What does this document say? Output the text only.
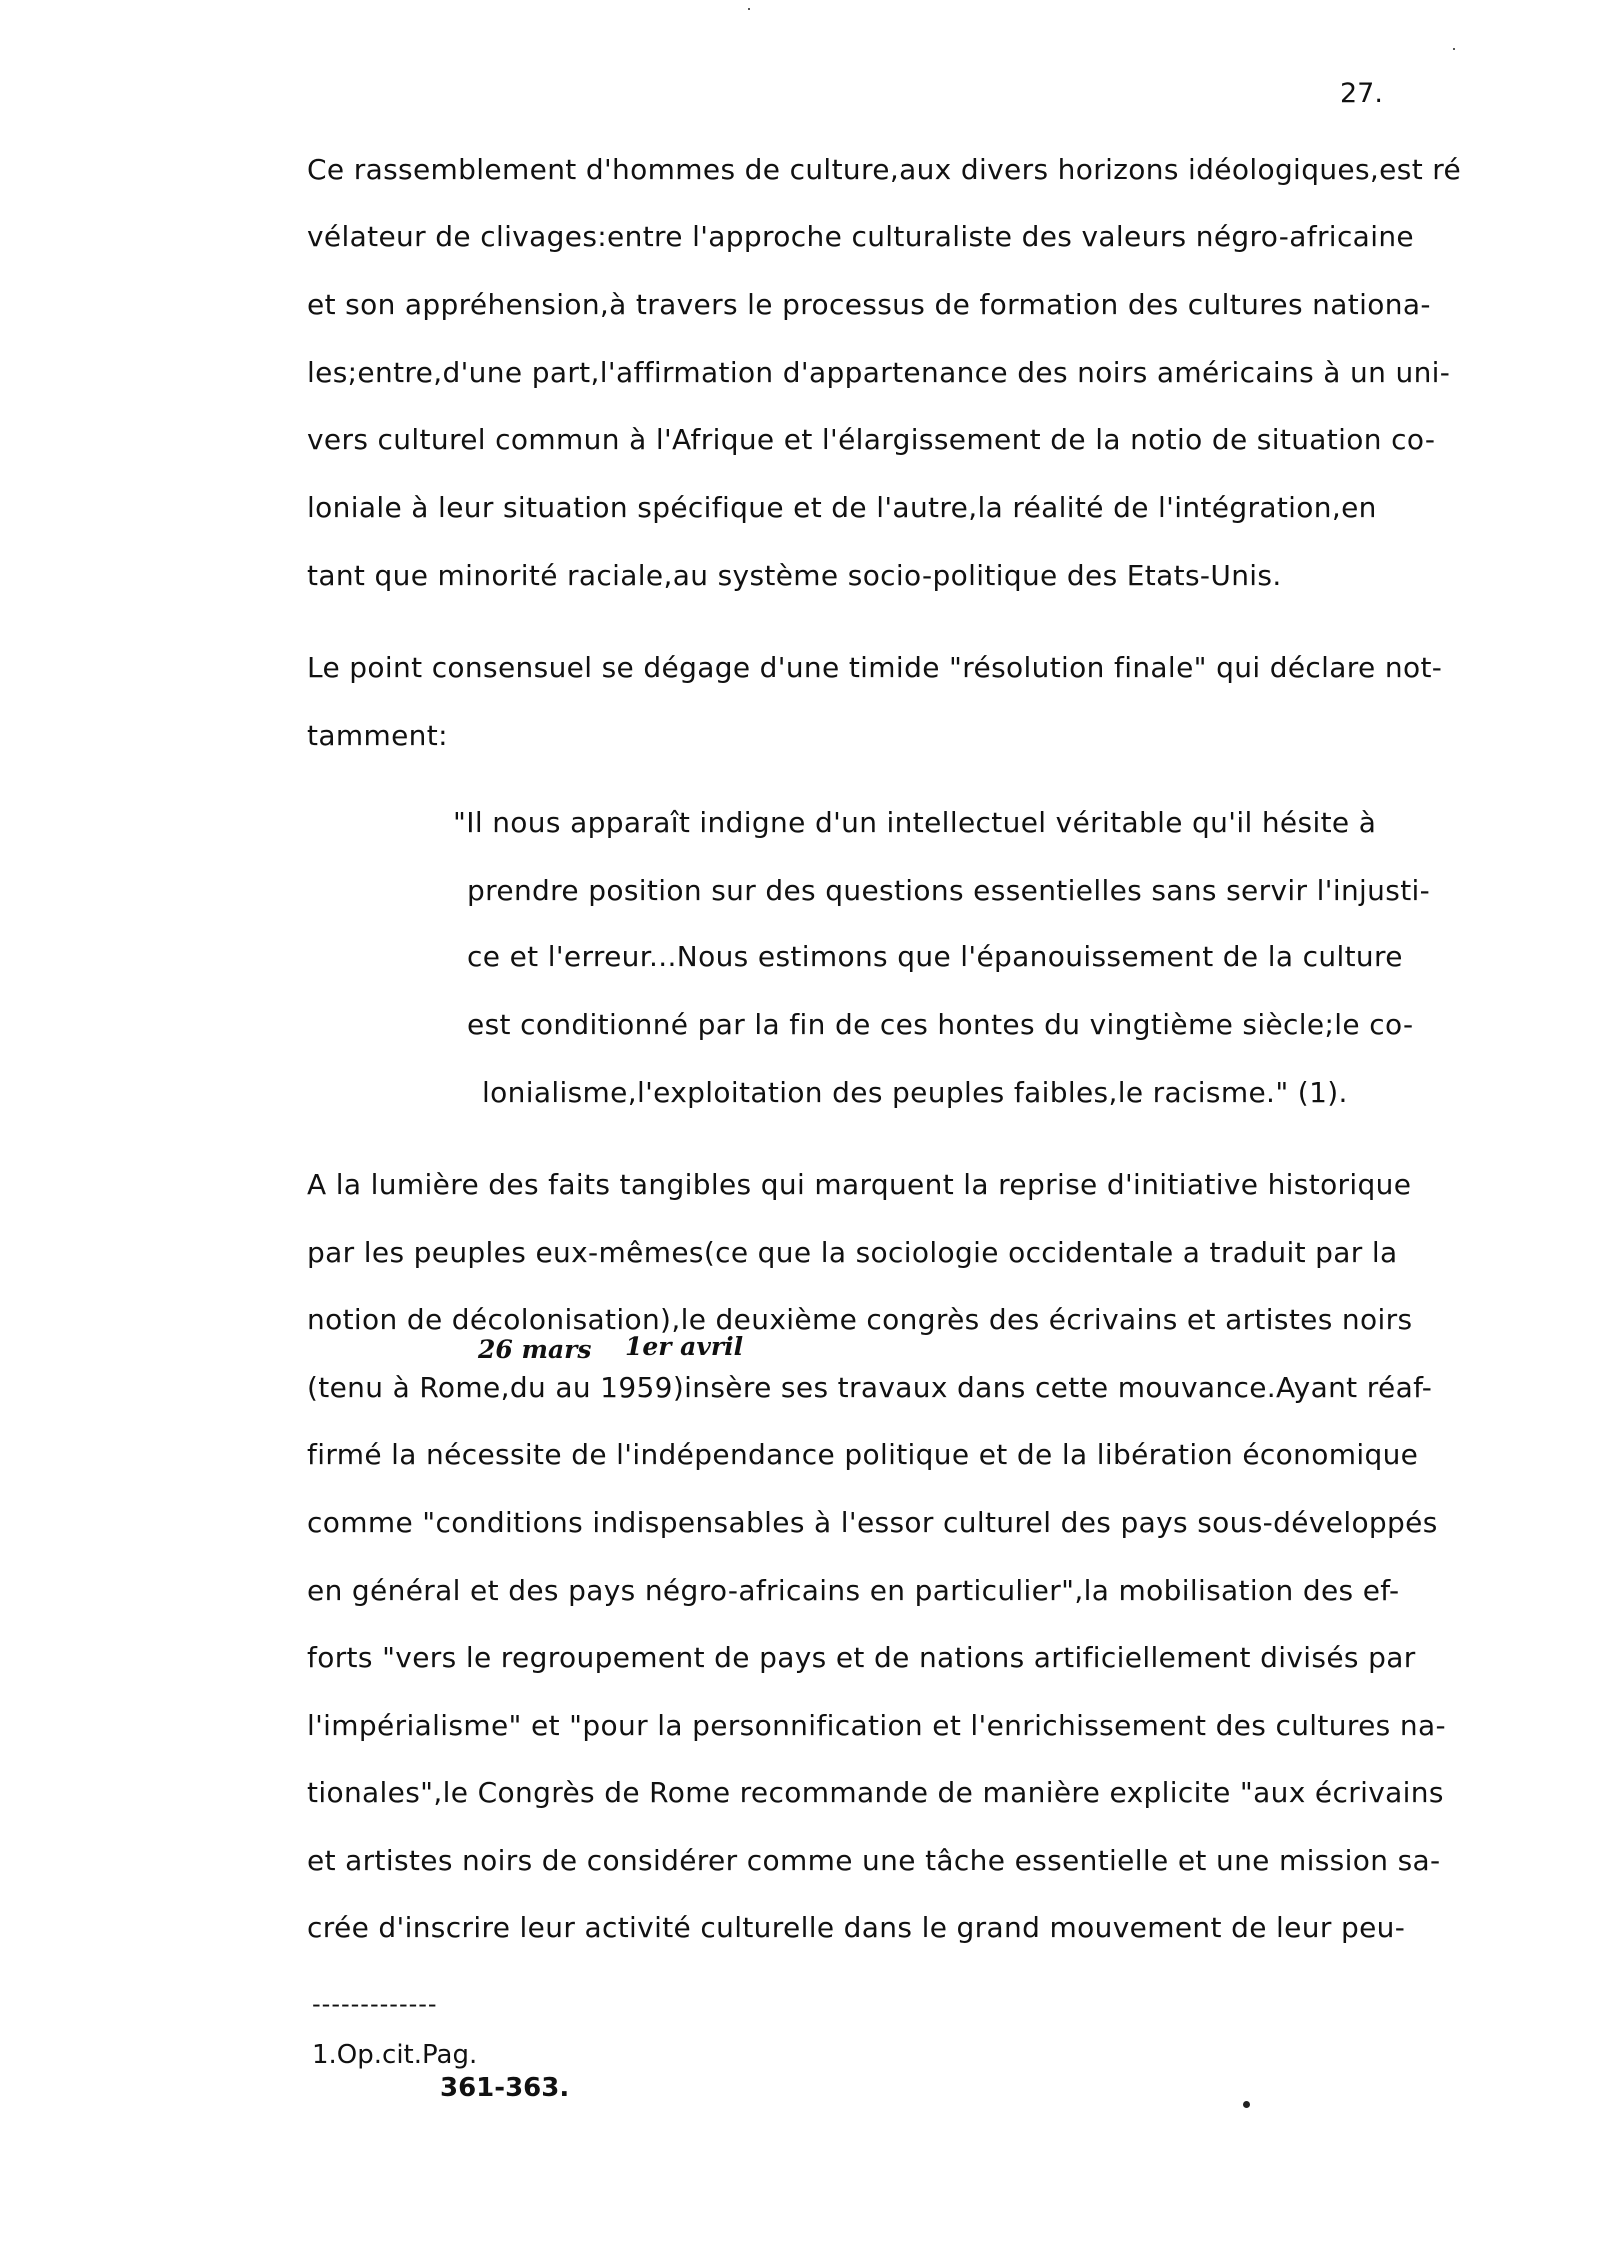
27.
Ce rassemblement d'hommes de culture,aux divers horizons idéologiques,est ré
vélateur de clivages:entre l'approche culturaliste des valeurs négro-africaine
et son appréhension,à travers le processus de formation des cultures nationa-
les;entre,d'une part,l'affirmation d'appartenance des noirs américains à un uni-
vers culturel commun à l'Afrique et l'élargissement de la notio de situation co-
loniale à leur situation spécifique et de l'autre,la réalité de l'intégration,en
tant que minorité raciale,au système socio-politique des Etats-Unis.
Le point consensuel se dégage d'une timide "résolution finale" qui déclare not-
tamment:
"Il nous apparaît indigne d'un intellectuel véritable qu'il hésite à
prendre position sur des questions essentielles sans servir l'injusti-
ce et l'erreur...Nous estimons que l'épanouissement de la culture
est conditionné par la fin de ces hontes du vingtième siècle;le co-
lonialisme,l'exploitation des peuples faibles,le racisme." (1).
A la lumière des faits tangibles qui marquent la reprise d'initiative historique
par les peuples eux-mêmes(ce que la sociologie occidentale a traduit par la
notion de décolonisation),le deuxième congrès des écrivains et artistes noirs
26 mars 1er avril
(tenu à Rome,du au 1959)insère ses travaux dans cette mouvance.Ayant réaf-
firmé la nécessite de l'indépendance politique et de la libération économique
comme "conditions indispensables à l'essor culturel des pays sous-développés
en général et des pays négro-africains en particulier",la mobilisation des ef-
forts "vers le regroupement de pays et de nations artificiellement divisés par
l'impérialisme" et "pour la personnification et l'enrichissement des cultures na-
tionales",le Congrès de Rome recommande de manière explicite "aux écrivains
et artistes noirs de considérer comme une tâche essentielle et une mission sa-
crée d'inscrire leur activité culturelle dans le grand mouvement de leur peu-
-------------
1.Op.cit.Pag.
361-363.
